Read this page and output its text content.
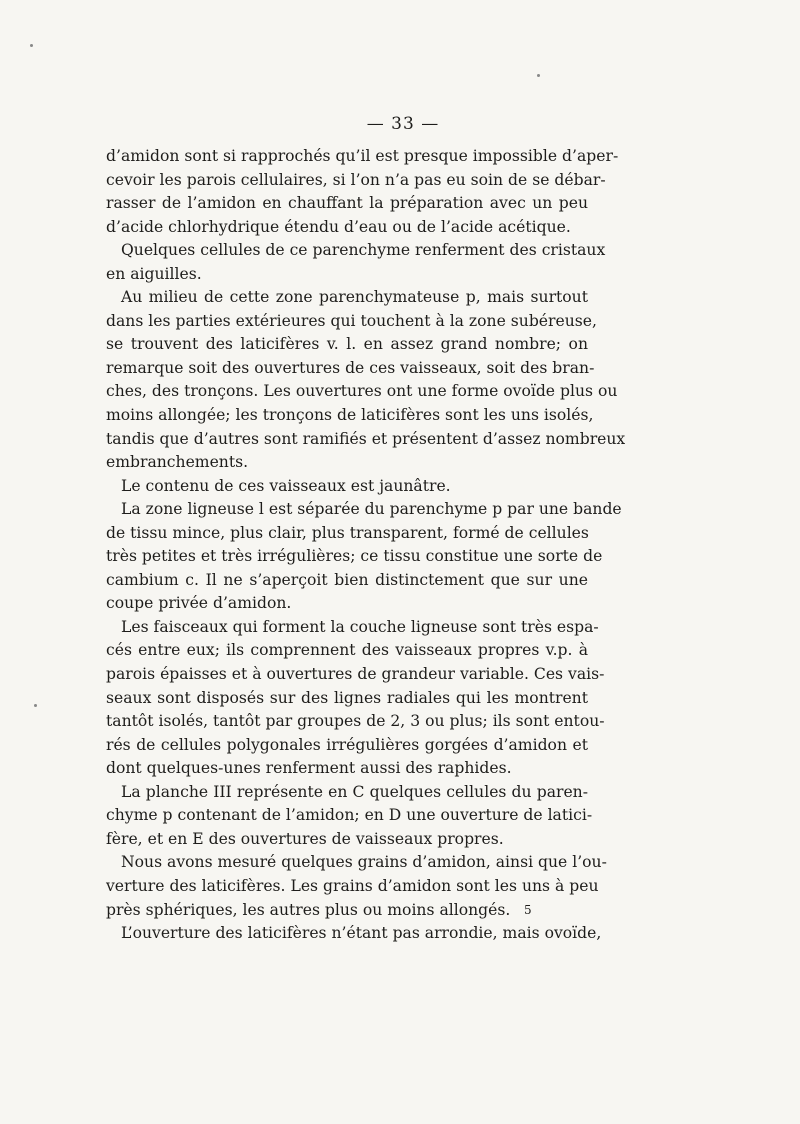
— 33 —
d’amidon sont si rapprochés qu’il est presque impossible d’aper-
cevoir les parois cellulaires, si l’on n’a pas eu soin de se débar-
rasser de l’amidon en chauffant la préparation avec un peu
d’acide chlorhydrique étendu d’eau ou de l’acide acétique.
Quelques cellules de ce parenchyme renferment des cristaux
en aiguilles.
Au milieu de cette zone parenchymateuse p, mais surtout
dans les parties extérieures qui touchent à la zone subéreuse,
se trouvent des laticifères v. l. en assez grand nombre; on
remarque soit des ouvertures de ces vaisseaux, soit des bran-
ches, des tronçons. Les ouvertures ont une forme ovoïde plus ou
moins allongée; les tronçons de laticifères sont les uns isolés,
tandis que d’autres sont ramifiés et présentent d’assez nombreux
embranchements.
Le contenu de ces vaisseaux est jaunâtre.
La zone ligneuse l est séparée du parenchyme p par une bande
de tissu mince, plus clair, plus transparent, formé de cellules
très petites et très irrégulières; ce tissu constitue une sorte de
cambium c. Il ne s’aperçoit bien distinctement que sur une
coupe privée d’amidon.
Les faisceaux qui forment la couche ligneuse sont très espa-
cés entre eux; ils comprennent des vaisseaux propres v.p. à
parois épaisses et à ouvertures de grandeur variable. Ces vais-
seaux sont disposés sur des lignes radiales qui les montrent
tantôt isolés, tantôt par groupes de 2, 3 ou plus; ils sont entou-
rés de cellules polygonales irrégulières gorgées d’amidon et
dont quelques-unes renferment aussi des raphides.
La planche III représente en C quelques cellules du paren-
chyme p contenant de l’amidon; en D une ouverture de latici-
fère, et en E des ouvertures de vaisseaux propres.
Nous avons mesuré quelques grains d’amidon, ainsi que l’ou-
verture des laticifères. Les grains d’amidon sont les uns à peu
près sphériques, les autres plus ou moins allongés.
L’ouverture des laticifères n’étant pas arrondie, mais ovoïde,
5
